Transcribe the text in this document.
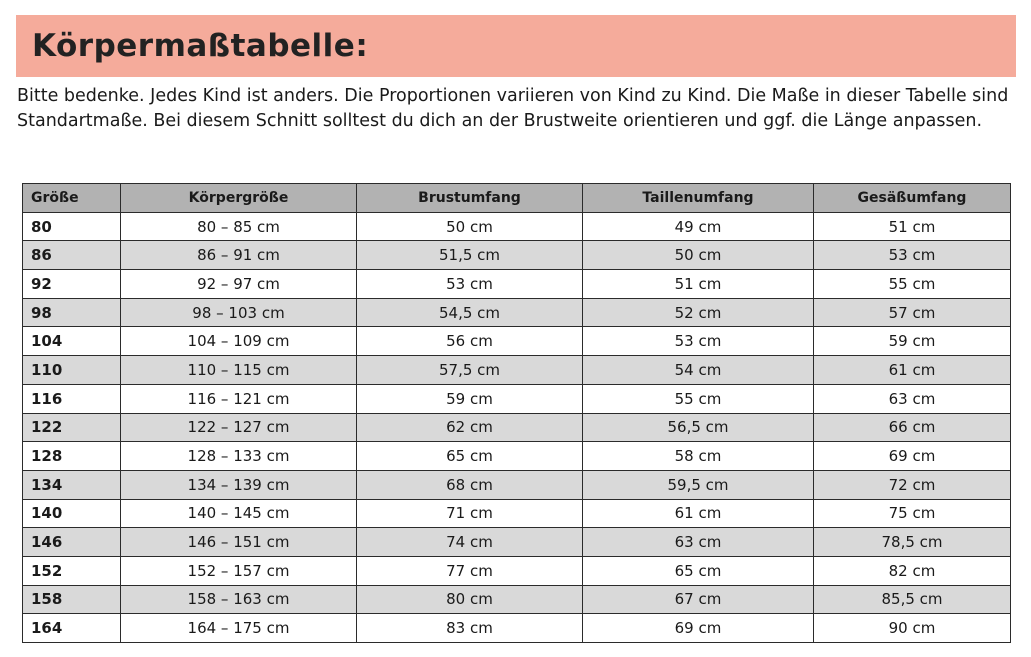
Körpermaßtabelle:

Bitte bedenke. Jedes Kind ist anders. Die Proportionen variieren von Kind zu Kind. Die Maße in dieser Tabelle sind Standartmaße. Bei diesem Schnitt solltest du dich an der Brustweite orientieren und ggf. die Länge anpassen.

Größe	Körpergröße	Brustumfang	Taillenumfang	Gesäßumfang
80	80 – 85 cm	50 cm	49 cm	51 cm
86	86 – 91 cm	51,5 cm	50 cm	53 cm
92	92 – 97 cm	53 cm	51 cm	55 cm
98	98 – 103 cm	54,5 cm	52 cm	57 cm
104	104 – 109 cm	56 cm	53 cm	59 cm
110	110 – 115 cm	57,5 cm	54 cm	61 cm
116	116 – 121 cm	59 cm	55 cm	63 cm
122	122 – 127 cm	62 cm	56,5 cm	66 cm
128	128 – 133 cm	65 cm	58 cm	69 cm
134	134 – 139 cm	68 cm	59,5 cm	72 cm
140	140 – 145 cm	71 cm	61 cm	75 cm
146	146 – 151 cm	74 cm	63 cm	78,5 cm
152	152 – 157 cm	77 cm	65 cm	82 cm
158	158 – 163 cm	80 cm	67 cm	85,5 cm
164	164 – 175 cm	83 cm	69 cm	90 cm
